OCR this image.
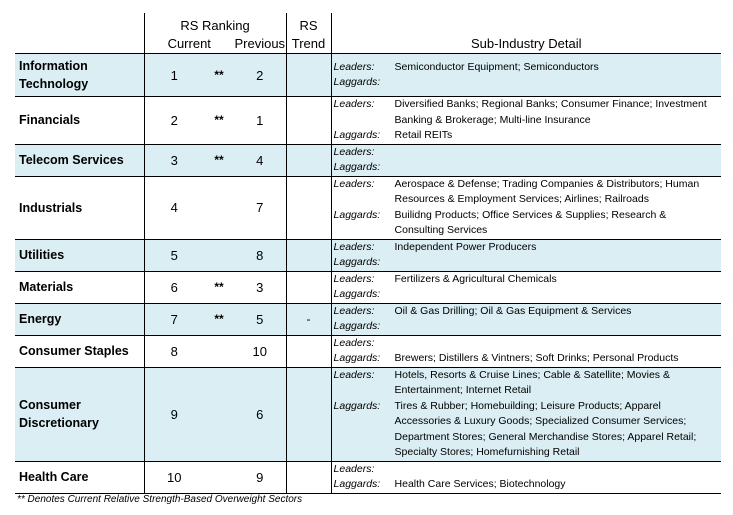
	RS Ranking			RS	
	Current		Previous	Trend	Sub-Industry Detail
Information Technology	1	**	2		Leaders: Semiconductor Equipment; Semiconductors
Laggards:

Financials	2	**	1		Leaders: Diversified Banks; Regional Banks; Consumer Finance; Investment Banking & Brokerage; Multi-line Insurance
Laggards: Retail REITs

Telecom Services	3	**	4		Leaders:
Laggards:

Industrials	4		7		Leaders: Aerospace & Defense; Trading Companies & Distributors; Human Resources & Employment Services; Airlines; Railroads
Laggards: Builidng Products; Office Services & Supplies; Research & Consulting Services

Utilities	5		8		Leaders: Independent Power Producers
Laggards:

Materials	6	**	3		Leaders: Fertilizers & Agricultural Chemicals
Laggards:

Energy	7	**	5	-	Leaders: Oil & Gas Drilling; Oil & Gas Equipment & Services
Laggards:

Consumer Staples	8		10		Leaders:
Laggards: Brewers; Distillers & Vintners; Soft Drinks; Personal Products

Consumer Discretionary	9		6		Leaders: Hotels, Resorts & Cruise Lines; Cable & Satellite; Movies & Entertainment; Internet Retail
Laggards: Tires & Rubber; Homebuilding; Leisure Products; Apparel Accessories & Luxury Goods; Specialized Consumer Services; Department Stores; General Merchandise Stores; Apparel Retail; Specialty Stores; Homefurnishing Retail

Health Care	10		9		Leaders:
Laggards: Health Care Services; Biotechnology
** Denotes Current Relative Strength-Based Overweight Sectors
